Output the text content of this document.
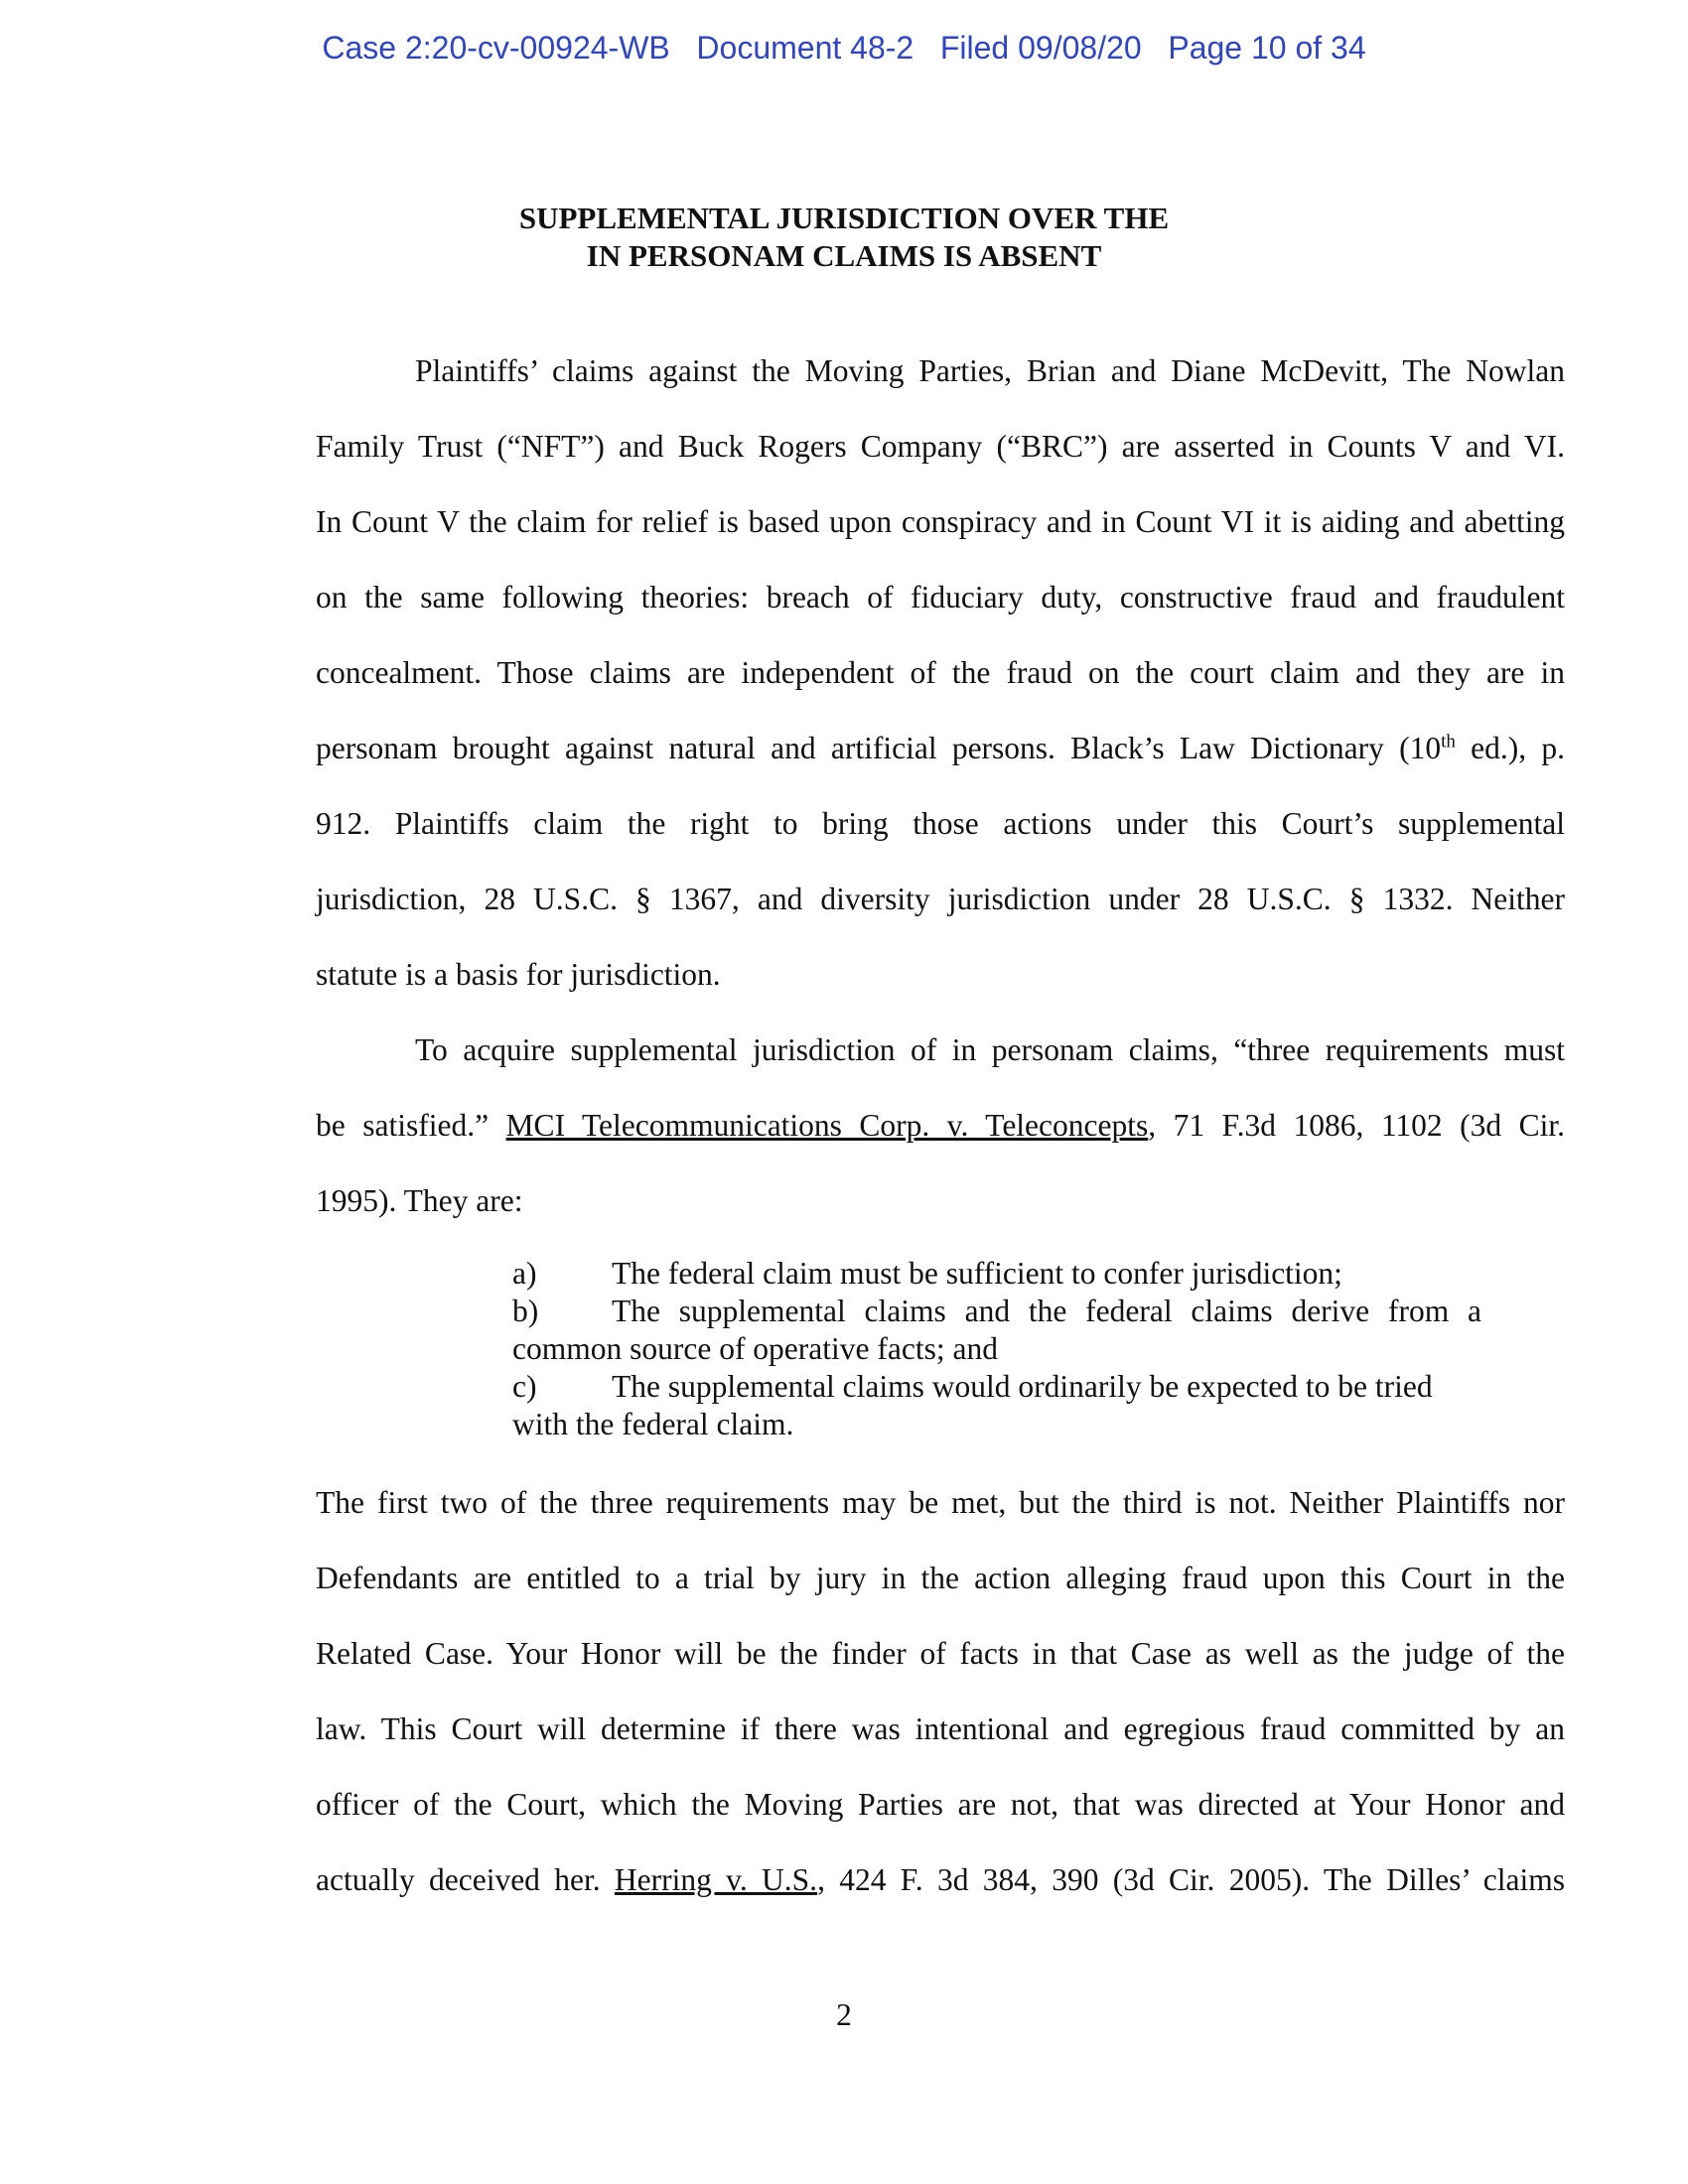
Case 2:20-cv-00924-WB Document 48-2 Filed 09/08/20 Page 10 of 34
SUPPLEMENTAL JURISDICTION OVER THE
IN PERSONAM CLAIMS IS ABSENT
Plaintiffs’ claims against the Moving Parties, Brian and Diane McDevitt, The Nowlan
Family Trust (“NFT”) and Buck Rogers Company (“BRC”) are asserted in Counts V and VI.
In Count V the claim for relief is based upon conspiracy and in Count VI it is aiding and abetting
on the same following theories: breach of fiduciary duty, constructive fraud and fraudulent
concealment. Those claims are independent of the fraud on the court claim and they are in
personam brought against natural and artificial persons. Black’s Law Dictionary (10th ed.), p.
912. Plaintiffs claim the right to bring those actions under this Court’s supplemental
jurisdiction, 28 U.S.C. § 1367, and diversity jurisdiction under 28 U.S.C. § 1332. Neither
statute is a basis for jurisdiction.
To acquire supplemental jurisdiction of in personam claims, “three requirements must
be satisfied.” MCI Telecommunications Corp. v. Teleconcepts, 71 F.3d 1086, 1102 (3d Cir.
1995). They are:
The first two of the three requirements may be met, but the third is not. Neither Plaintiffs nor
Defendants are entitled to a trial by jury in the action alleging fraud upon this Court in the
Related Case. Your Honor will be the finder of facts in that Case as well as the judge of the
law. This Court will determine if there was intentional and egregious fraud committed by an
officer of the Court, which the Moving Parties are not, that was directed at Your Honor and
actually deceived her. Herring v. U.S., 424 F. 3d 384, 390 (3d Cir. 2005). The Dilles’ claims
a) The federal claim must be sufficient to confer jurisdiction;
b) The supplemental claims and the federal claims derive from a
common source of operative facts; and
c) The supplemental claims would ordinarily be expected to be tried
with the federal claim.
2
